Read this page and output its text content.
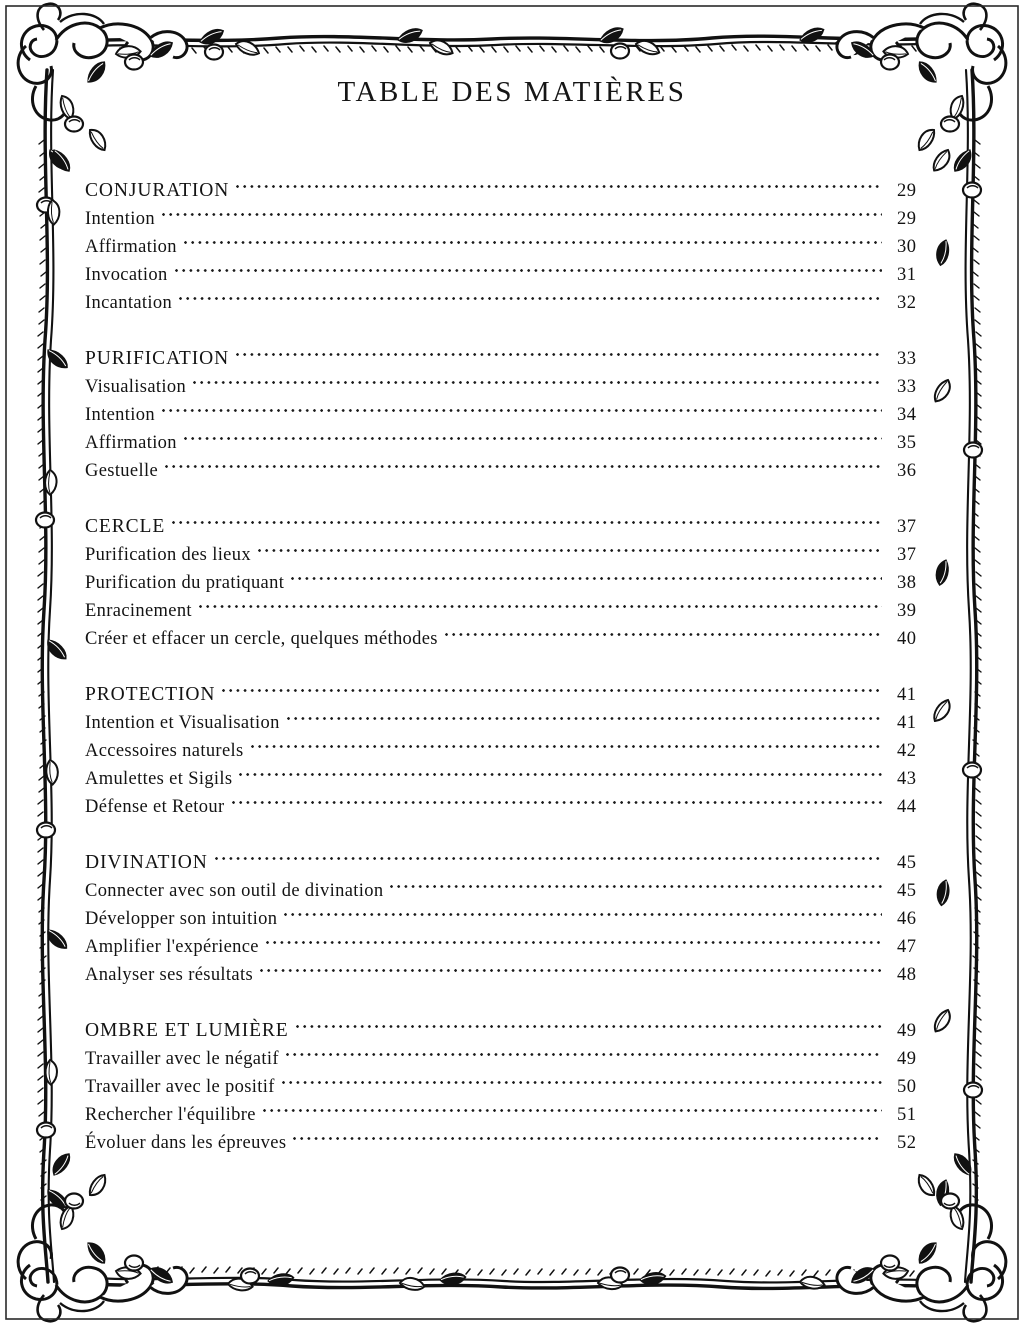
TABLE DES MATIÈRES
CONJURATION	29
Intention	29
Affirmation	30
Invocation	31
Incantation	32
PURIFICATION	33
Visualisation	33
Intention	34
Affirmation	35
Gestuelle	36
CERCLE	37
Purification des lieux	37
Purification du pratiquant	38
Enracinement	39
Créer et effacer un cercle, quelques méthodes	40
PROTECTION	41
Intention et Visualisation	41
Accessoires naturels	42
Amulettes et Sigils	43
Défense et Retour	44
DIVINATION	45
Connecter avec son outil de divination	45
Développer son intuition	46
Amplifier l'expérience	47
Analyser ses résultats	48
OMBRE ET LUMIÈRE	49
Travailler avec le négatif	49
Travailler avec le positif	50
Rechercher l'équilibre	51
Évoluer dans les épreuves	52
